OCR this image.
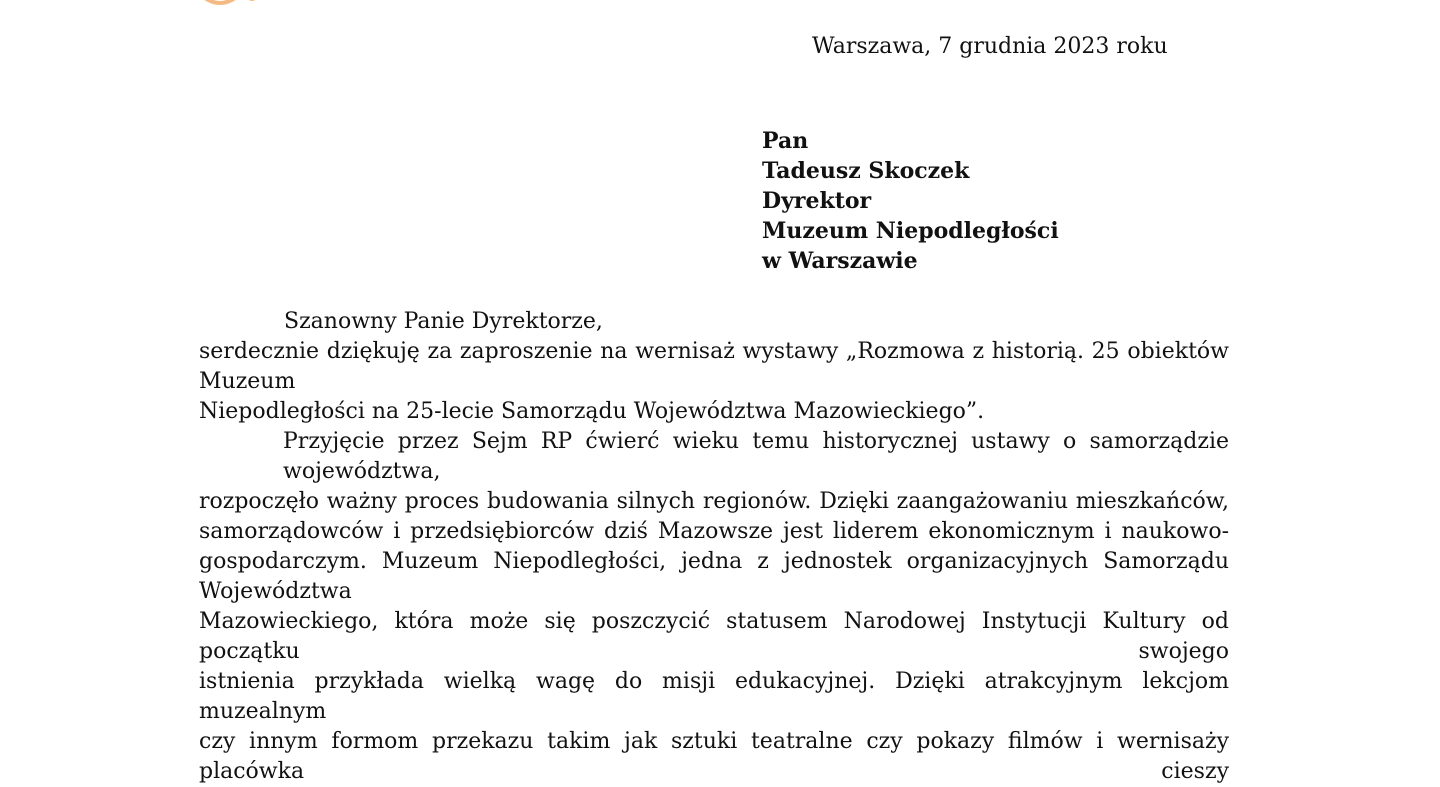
Warszawa, 7 grudnia 2023 roku
Pan
Tadeusz Skoczek
Dyrektor
Muzeum Niepodległości
w Warszawie
Szanowny Panie Dyrektorze,
serdecznie dziękuję za zaproszenie na wernisaż wystawy „Rozmowa z historią. 25 obiektów Muzeum
Niepodległości na 25-lecie Samorządu Województwa Mazowieckiego”.
Przyjęcie przez Sejm RP ćwierć wieku temu historycznej ustawy o samorządzie województwa,
rozpoczęło ważny proces budowania silnych regionów. Dzięki zaangażowaniu mieszkańców,
samorządowców i przedsiębiorców dziś Mazowsze jest liderem ekonomicznym i naukowo-
gospodarczym. Muzeum Niepodległości, jedna z jednostek organizacyjnych Samorządu Województwa
Mazowieckiego, która może się poszczycić statusem Narodowej Instytucji Kultury od początku swojego
istnienia przykłada wielką wagę do misji edukacyjnej. Dzięki atrakcyjnym lekcjom muzealnym
czy innym formom przekazu takim jak sztuki teatralne czy pokazy filmów i wernisaży placówka cieszy
